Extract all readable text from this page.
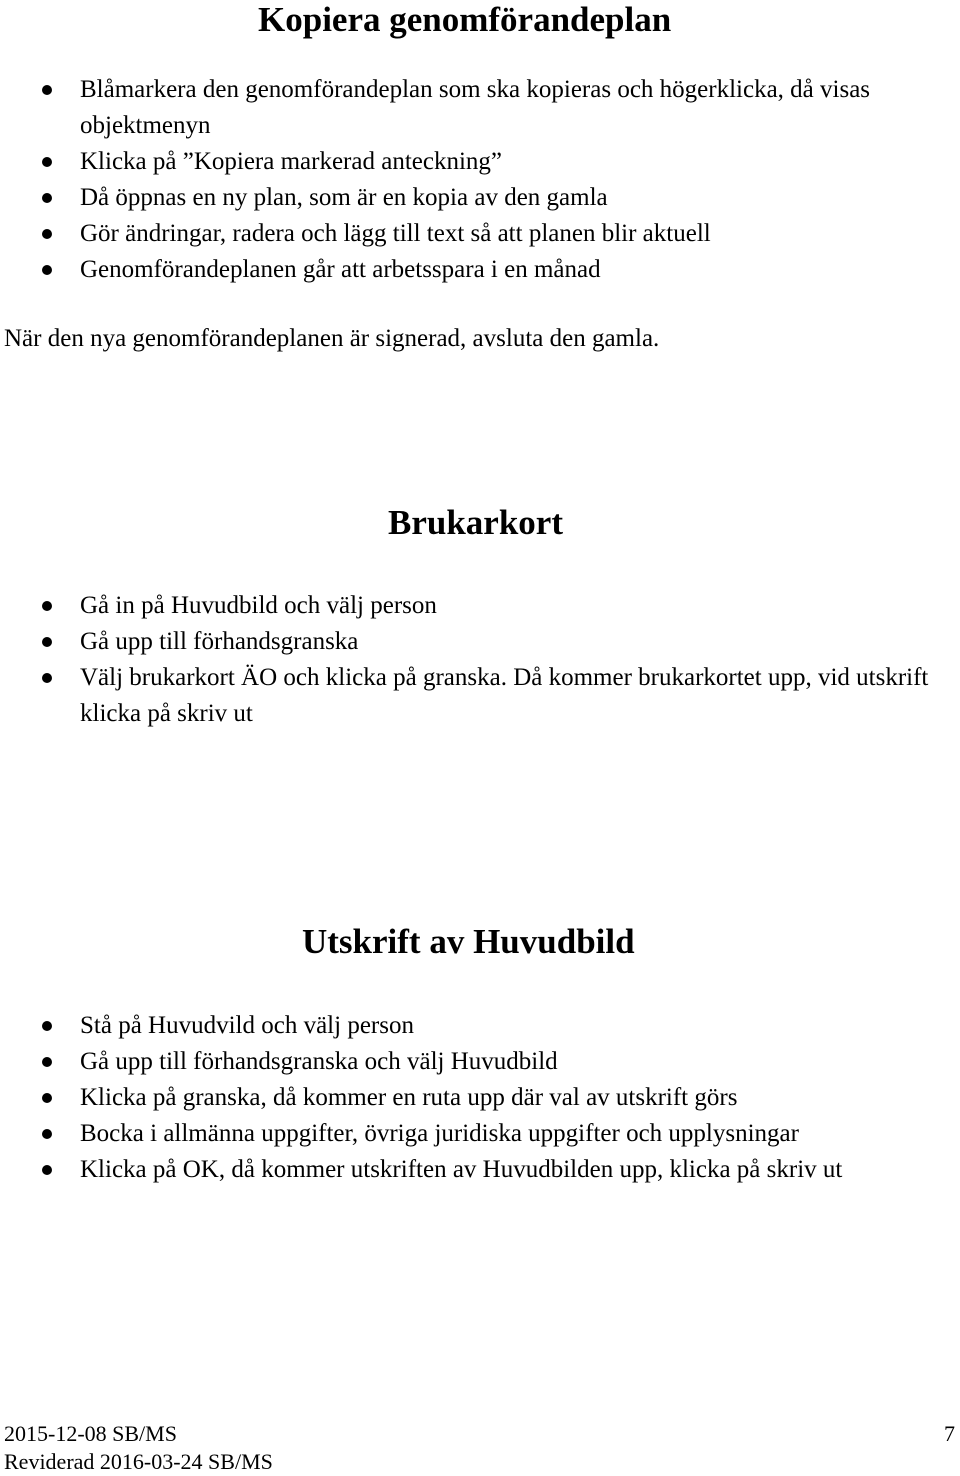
Kopiera genomförandeplan
Blåmarkera den genomförandeplan som ska kopieras och högerklicka, då visas objektmenyn
Klicka på ”Kopiera markerad anteckning”
Då öppnas en ny plan, som är en kopia av den gamla
Gör ändringar, radera och lägg till text så att planen blir aktuell
Genomförandeplanen går att arbetsspara i en månad

När den nya genomförandeplanen är signerad, avsluta den gamla.

Brukarkort
Gå in på Huvudbild och välj person
Gå upp till förhandsgranska
Välj brukarkort ÄO och klicka på granska. Då kommer brukarkortet upp, vid utskrift klicka på skriv ut
Utskrift av Huvudbild
Stå på Huvudvild och välj person
Gå upp till förhandsgranska och välj Huvudbild
Klicka på granska, då kommer en ruta upp där val av utskrift görs
Bocka i allmänna uppgifter, övriga juridiska uppgifter och upplysningar
Klicka på OK, då kommer utskriften av Huvudbilden upp, klicka på skriv ut
2015-12-08 SB/MS
Reviderad 2016-03-24 SB/MS
7
